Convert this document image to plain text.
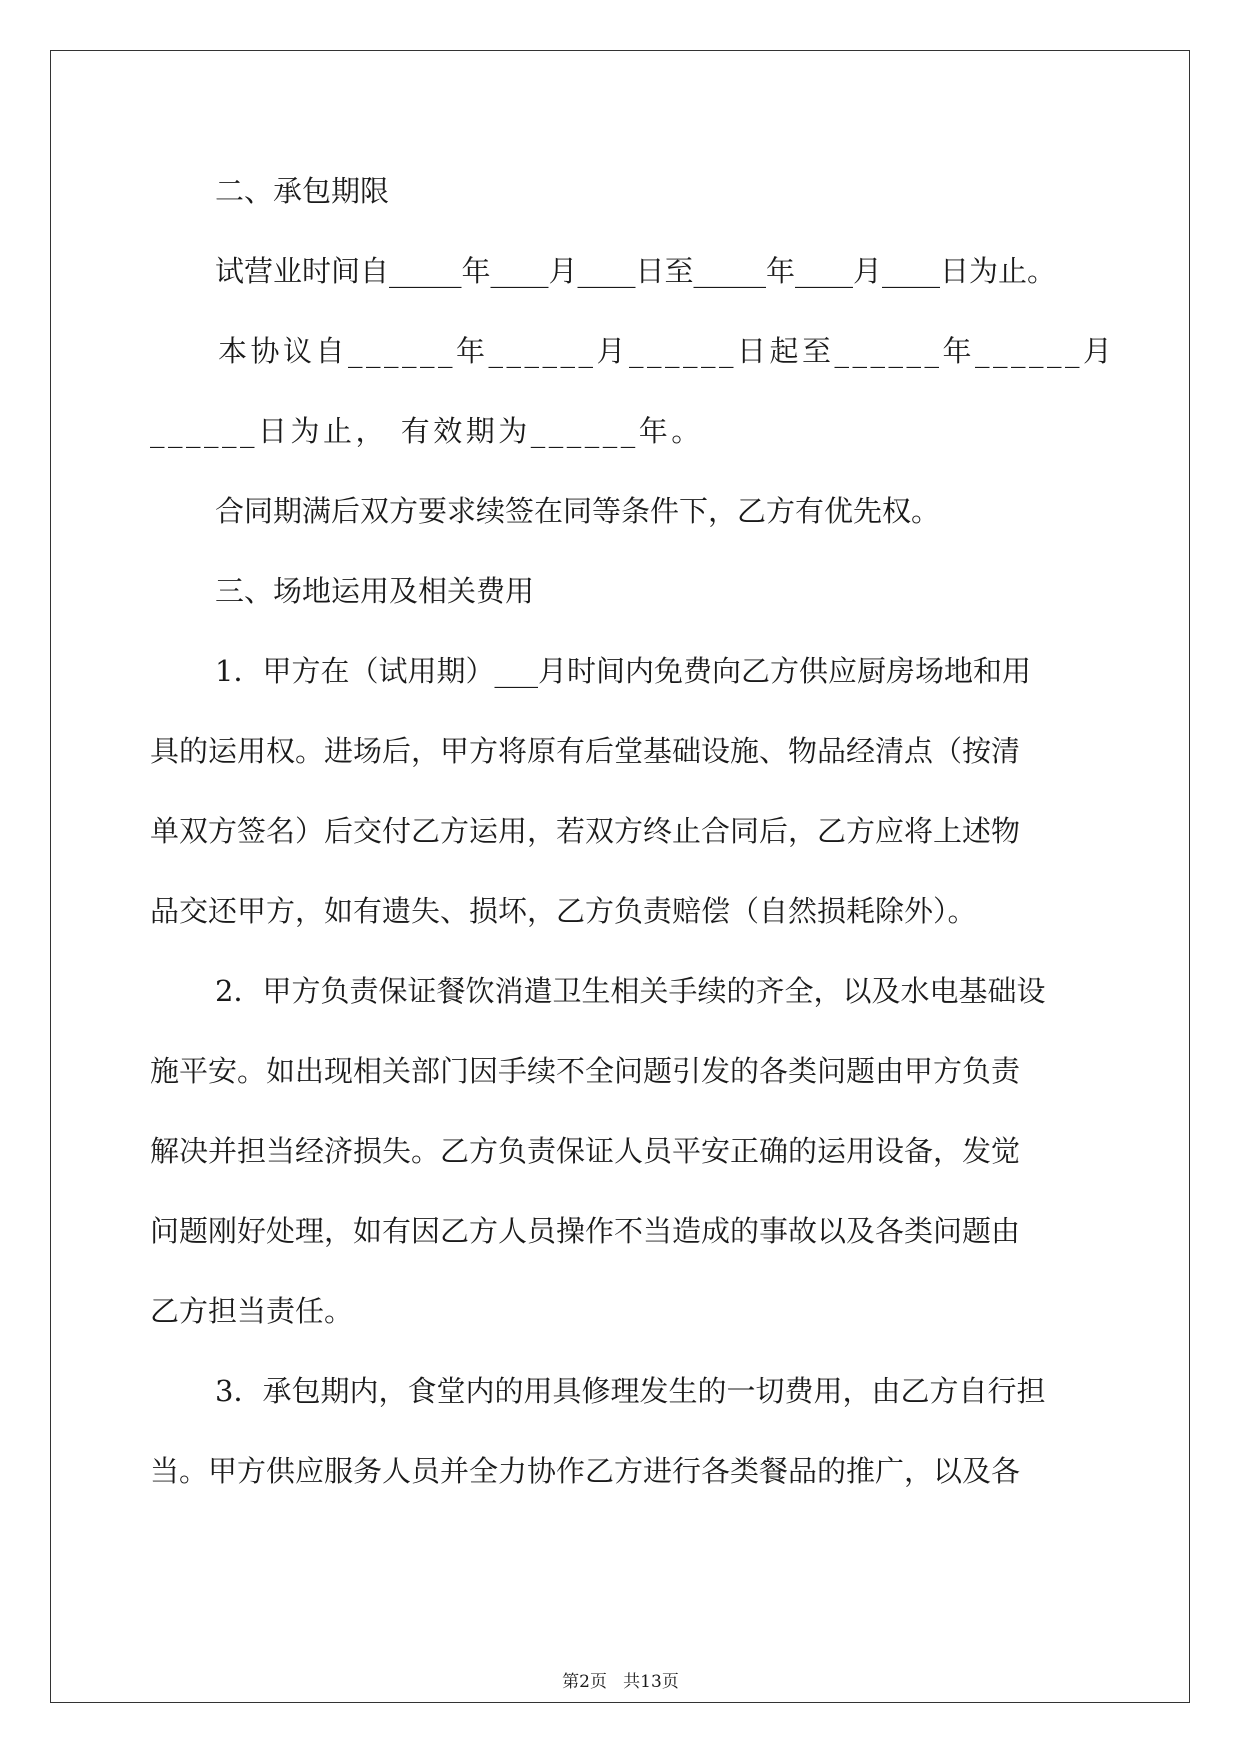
二、承包期限
试营业时间自_____年____月____日至_____年____月____日为止。
本协议自______年______月______日起至______年______月
______日为止， 有效期为______年。
合同期满后双方要求续签在同等条件下，乙方有优先权。
三、场地运用及相关费用
1．甲方在（试用期）___月时间内免费向乙方供应厨房场地和用
具的运用权。进场后，甲方将原有后堂基础设施、物品经清点（按清
单双方签名）后交付乙方运用，若双方终止合同后，乙方应将上述物
品交还甲方，如有遗失、损坏，乙方负责赔偿（自然损耗除外）。
2．甲方负责保证餐饮消遣卫生相关手续的齐全，以及水电基础设
施平安。如出现相关部门因手续不全问题引发的各类问题由甲方负责
解决并担当经济损失。乙方负责保证人员平安正确的运用设备，发觉
问题刚好处理，如有因乙方人员操作不当造成的事故以及各类问题由
乙方担当责任。
3．承包期内，食堂内的用具修理发生的一切费用，由乙方自行担
当。甲方供应服务人员并全力协作乙方进行各类餐品的推广，以及各
第2页   共13页
